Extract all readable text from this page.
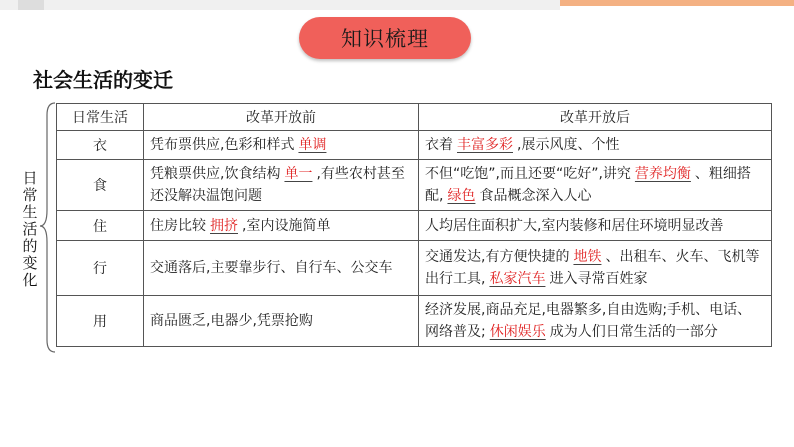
知识梳理
社会生活的变迁
日
常
生
活
的
变
化
日常生活	改革开放前	改革开放后
衣	凭布票供应,色彩和样式 单调	衣着 丰富多彩 ,展示风度、个性
食	凭粮票供应,饮食结构 单一 ,有些农村甚至还没解决温饱问题	不但“吃饱”,而且还要“吃好”,讲究 营养均衡 、粗细搭配, 绿色 食品概念深入人心
住	住房比较 拥挤 ,室内设施简单	人均居住面积扩大,室内装修和居住环境明显改善
行	交通落后,主要靠步行、自行车、公交车	交通发达,有方便快捷的 地铁 、出租车、火车、飞机等出行工具, 私家汽车 进入寻常百姓家
用	商品匮乏,电器少,凭票抢购	经济发展,商品充足,电器繁多,自由选购;手机、电话、网络普及; 休闲娱乐 成为人们日常生活的一部分
